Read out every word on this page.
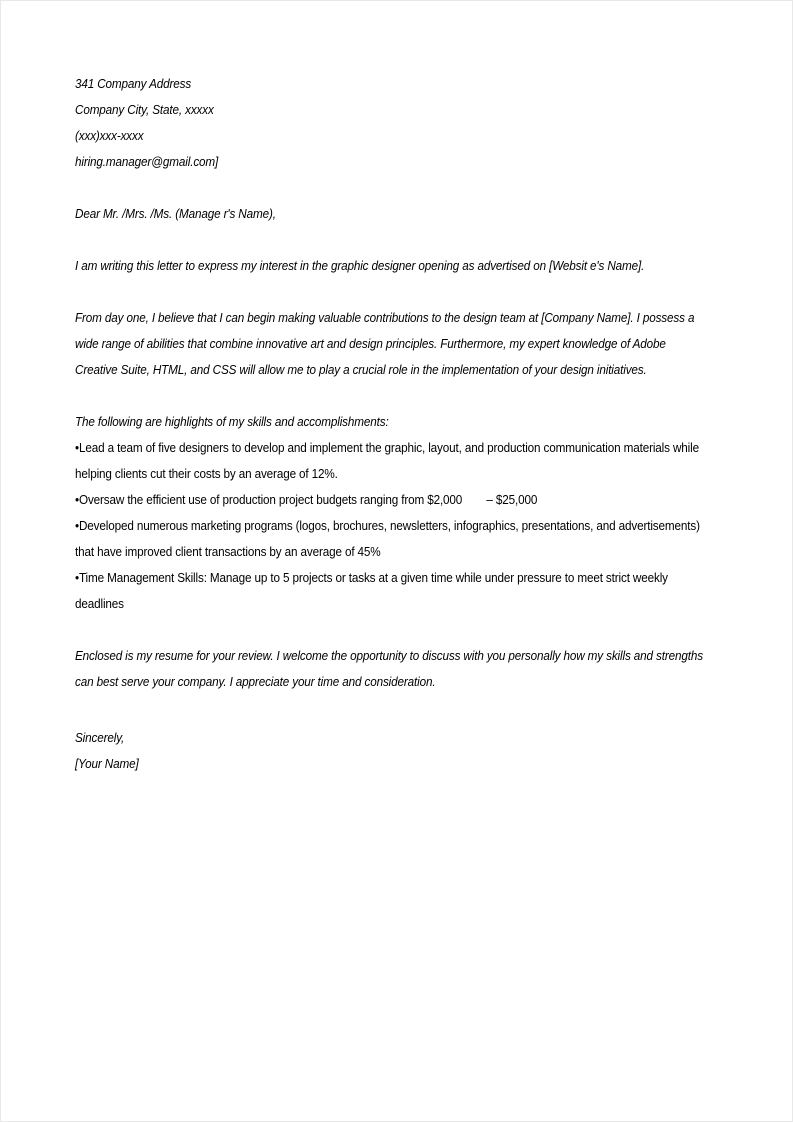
341 Company Address
Company City, State, xxxxx
(xxx)xxx-xxxx
hiring.manager@gmail.com]
Dear Mr. /Mrs. /Ms. (Manage r's Name),
I am writing this letter to express my interest in the graphic designer opening as advertised on [Websit e's Name].
From day one, I believe that I can begin making valuable contributions to the design team at [Company Name]. I possess a wide range of abilities that combine innovative art and design principles. Furthermore, my expert knowledge of Adobe Creative Suite, HTML, and CSS will allow me to play a crucial role in the implementation of your design initiatives.
The following are highlights of my skills and accomplishments:
•Lead a team of five designers to develop and implement the graphic, layout, and production communication materials while helping clients cut their costs by an average of 12%.
•Oversaw the efficient use of production project budgets ranging from $2,000 – $25,000
•Developed numerous marketing programs (logos, brochures, newsletters, infographics, presentations, and advertisements) that have improved client transactions by an average of 45%
•Time Management Skills: Manage up to 5 projects or tasks at a given time while under pressure to meet strict weekly deadlines
Enclosed is my resume for your review. I welcome the opportunity to discuss with you personally how my skills and strengths can best serve your company. I appreciate your time and consideration.
Sincerely,
[Your Name]
